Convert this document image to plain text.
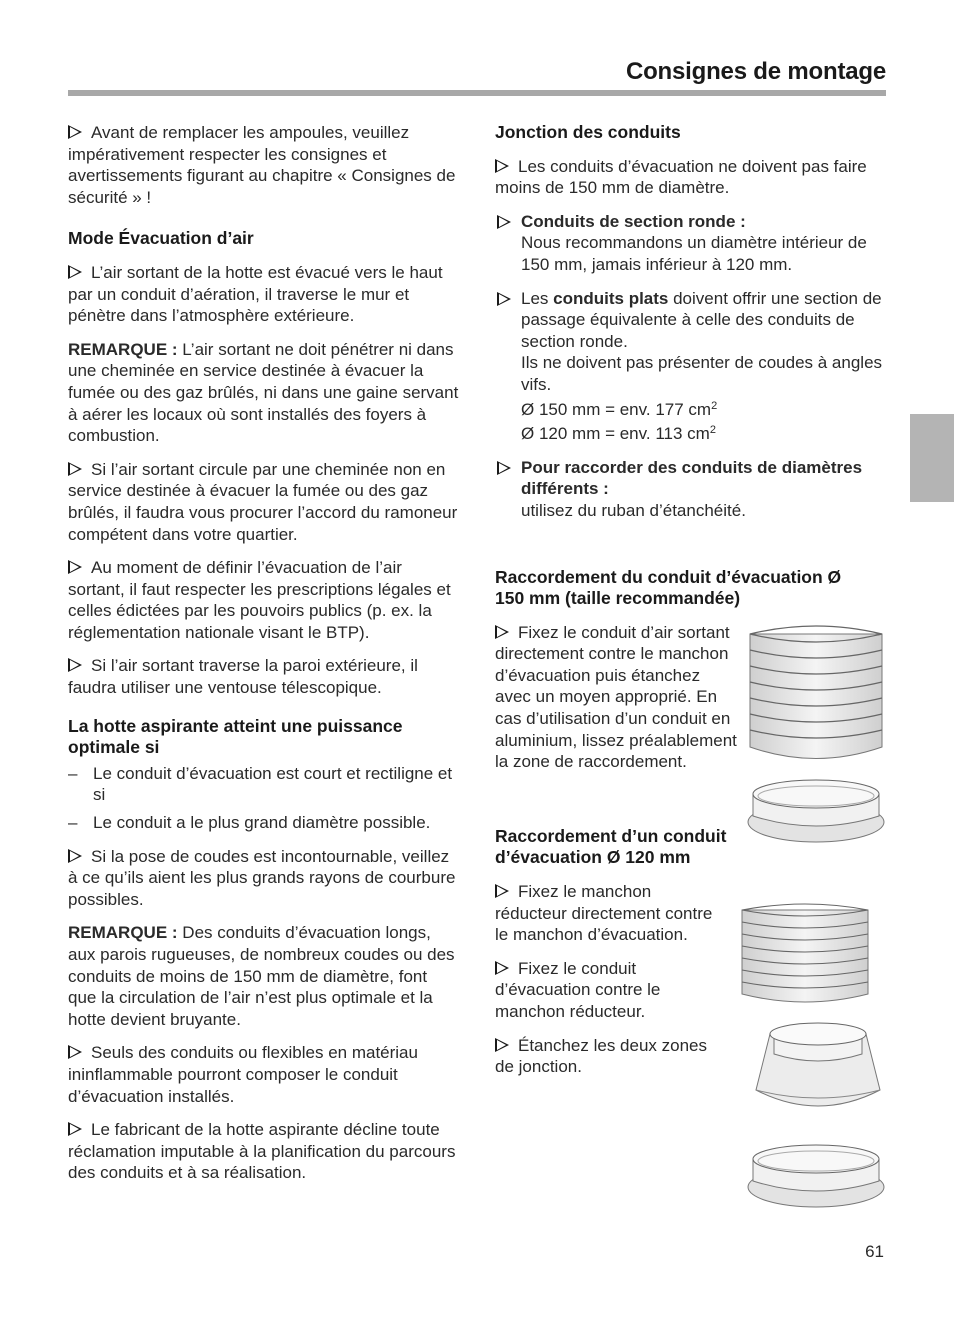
Consignes de montage

Avant de remplacer les ampoules, veuillez impérativement respecter les consignes et avertissements figurant au chapitre « Consignes de sécurité » !

Mode Évacuation d’air

L’air sortant de la hotte est évacué vers le haut par un conduit d’aération, il traverse le mur et pénètre dans l’atmosphère extérieure.

REMARQUE : L’air sortant ne doit pénétrer ni dans une cheminée en service destinée à évacuer la fumée ou des gaz brûlés, ni dans une gaine servant à aérer les locaux où sont installés des foyers à combustion.

Si l’air sortant circule par une cheminée non en service destinée à évacuer la fumée ou des gaz brûlés, il faudra vous procurer l’accord du ramoneur compétent dans votre quartier.

Au moment de définir l’évacuation de l’air sortant, il faut respecter les prescriptions légales et celles édictées par les pouvoirs publics (p. ex. la réglementation nationale visant le BTP).

Si l’air sortant traverse la paroi extérieure, il faudra utiliser une ventouse télescopique.

La hotte aspirante atteint une puissance optimale si
– Le conduit d’évacuation est court et rectiligne et si
– Le conduit a le plus grand diamètre possible.

Si la pose de coudes est incontournable, veillez à ce qu’ils aient les plus grands rayons de courbure possibles.

REMARQUE : Des conduits d’évacuation longs, aux parois rugueuses, de nombreux coudes ou des conduits de moins de 150 mm de diamètre, font que la circulation de l’air n’est plus optimale et la hotte devient bruyante.

Seuls des conduits ou flexibles en matériau ininflammable pourront composer le conduit d’évacuation installés.

Le fabricant de la hotte aspirante décline toute réclamation imputable à la planification du parcours des conduits et à sa réalisation.

Jonction des conduits

Les conduits d’évacuation ne doivent pas faire moins de 150 mm de diamètre.

Conduits de section ronde :
Nous recommandons un diamètre intérieur de 150 mm, jamais inférieur à 120 mm.

Les conduits plats doivent offrir une section de passage équivalente à celle des conduits de section ronde.
Ils ne doivent pas présenter de coudes à angles vifs.
Ø 150 mm = env. 177 $cm^2$
Ø 120 mm = env. 113 $cm^2$

Pour raccorder des conduits de diamètres différents :
utilisez du ruban d’étanchéité.

Raccordement du conduit d’évacuation Ø 150 mm (taille recommandée)

Fixez le conduit d’air sortant directement contre le manchon d’évacuation puis étanchez avec un moyen approprié. En cas d’utilisation d’un conduit en aluminium, lissez préalablement la zone de raccordement.

Raccordement d’un conduit d’évacuation Ø 120 mm

Fixez le manchon réducteur directement contre le manchon d’évacuation.

Fixez le conduit d’évacuation contre le manchon réducteur.

Étanchez les deux zones de jonction.

61
